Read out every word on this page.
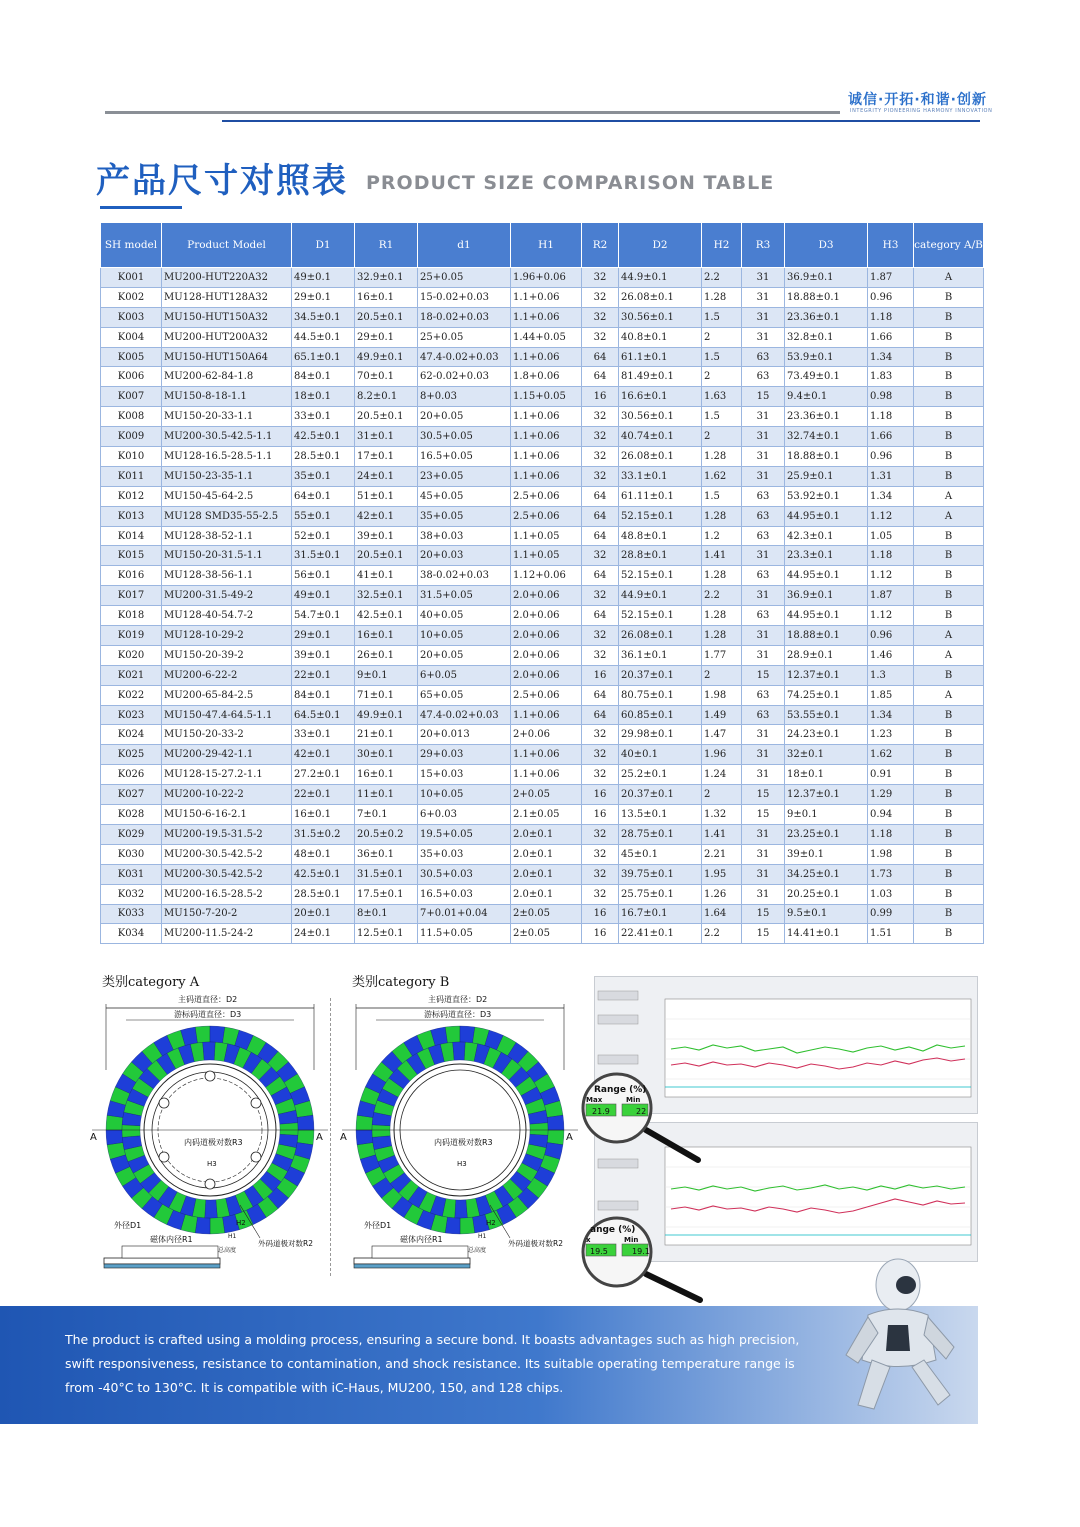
诚信·开拓·和谐·创新
INTEGRITY PIONEERING HARMONY INNOVATION
产品尺寸对照表 PRODUCT SIZE COMPARISON TABLE
SH model	Product Model	D1	R1	d1	H1	R2	D2	H2	R3	D3	H3	category A/B
K001	MU200-HUT220A32	49±0.1	32.9±0.1	25+0.05	1.96+0.06	32	44.9±0.1	2.2	31	36.9±0.1	1.87	A
K002	MU128-HUT128A32	29±0.1	16±0.1	15-0.02+0.03	1.1+0.06	32	26.08±0.1	1.28	31	18.88±0.1	0.96	B
K003	MU150-HUT150A32	34.5±0.1	20.5±0.1	18-0.02+0.03	1.1+0.06	32	30.56±0.1	1.5	31	23.36±0.1	1.18	B
K004	MU200-HUT200A32	44.5±0.1	29±0.1	25+0.05	1.44+0.05	32	40.8±0.1	2	31	32.8±0.1	1.66	B
K005	MU150-HUT150A64	65.1±0.1	49.9±0.1	47.4-0.02+0.03	1.1+0.06	64	61.1±0.1	1.5	63	53.9±0.1	1.34	B
K006	MU200-62-84-1.8	84±0.1	70±0.1	62-0.02+0.03	1.8+0.06	64	81.49±0.1	2	63	73.49±0.1	1.83	B
K007	MU150-8-18-1.1	18±0.1	8.2±0.1	8+0.03	1.15+0.05	16	16.6±0.1	1.63	15	9.4±0.1	0.98	B
K008	MU150-20-33-1.1	33±0.1	20.5±0.1	20+0.05	1.1+0.06	32	30.56±0.1	1.5	31	23.36±0.1	1.18	B
K009	MU200-30.5-42.5-1.1	42.5±0.1	31±0.1	30.5+0.05	1.1+0.06	32	40.74±0.1	2	31	32.74±0.1	1.66	B
K010	MU128-16.5-28.5-1.1	28.5±0.1	17±0.1	16.5+0.05	1.1+0.06	32	26.08±0.1	1.28	31	18.88±0.1	0.96	B
K011	MU150-23-35-1.1	35±0.1	24±0.1	23+0.05	1.1+0.06	32	33.1±0.1	1.62	31	25.9±0.1	1.31	B
K012	MU150-45-64-2.5	64±0.1	51±0.1	45+0.05	2.5+0.06	64	61.11±0.1	1.5	63	53.92±0.1	1.34	A
K013	MU128 SMD35-55-2.5	55±0.1	42±0.1	35+0.05	2.5+0.06	64	52.15±0.1	1.28	63	44.95±0.1	1.12	A
K014	MU128-38-52-1.1	52±0.1	39±0.1	38+0.03	1.1+0.05	64	48.8±0.1	1.2	63	42.3±0.1	1.05	B
K015	MU150-20-31.5-1.1	31.5±0.1	20.5±0.1	20+0.03	1.1+0.05	32	28.8±0.1	1.41	31	23.3±0.1	1.18	B
K016	MU128-38-56-1.1	56±0.1	41±0.1	38-0.02+0.03	1.12+0.06	64	52.15±0.1	1.28	63	44.95±0.1	1.12	B
K017	MU200-31.5-49-2	49±0.1	32.5±0.1	31.5+0.05	2.0+0.06	32	44.9±0.1	2.2	31	36.9±0.1	1.87	B
K018	MU128-40-54.7-2	54.7±0.1	42.5±0.1	40+0.05	2.0+0.06	64	52.15±0.1	1.28	63	44.95±0.1	1.12	B
K019	MU128-10-29-2	29±0.1	16±0.1	10+0.05	2.0+0.06	32	26.08±0.1	1.28	31	18.88±0.1	0.96	A
K020	MU150-20-39-2	39±0.1	26±0.1	20+0.05	2.0+0.06	32	36.1±0.1	1.77	31	28.9±0.1	1.46	A
K021	MU200-6-22-2	22±0.1	9±0.1	6+0.05	2.0+0.06	16	20.37±0.1	2	15	12.37±0.1	1.3	B
K022	MU200-65-84-2.5	84±0.1	71±0.1	65+0.05	2.5+0.06	64	80.75±0.1	1.98	63	74.25±0.1	1.85	A
K023	MU150-47.4-64.5-1.1	64.5±0.1	49.9±0.1	47.4-0.02+0.03	1.1+0.06	64	60.85±0.1	1.49	63	53.55±0.1	1.34	B
K024	MU150-20-33-2	33±0.1	21±0.1	20+0.013	2+0.06	32	29.98±0.1	1.47	31	24.23±0.1	1.23	B
K025	MU200-29-42-1.1	42±0.1	30±0.1	29+0.03	1.1+0.06	32	40±0.1	1.96	31	32±0.1	1.62	B
K026	MU128-15-27.2-1.1	27.2±0.1	16±0.1	15+0.03	1.1+0.06	32	25.2±0.1	1.24	31	18±0.1	0.91	B
K027	MU200-10-22-2	22±0.1	11±0.1	10+0.05	2+0.05	16	20.37±0.1	2	15	12.37±0.1	1.29	B
K028	MU150-6-16-2.1	16±0.1	7±0.1	6+0.03	2.1±0.05	16	13.5±0.1	1.32	15	9±0.1	0.94	B
K029	MU200-19.5-31.5-2	31.5±0.2	20.5±0.2	19.5+0.05	2.0±0.1	32	28.75±0.1	1.41	31	23.25±0.1	1.18	B
K030	MU200-30.5-42.5-2	48±0.1	36±0.1	35+0.03	2.0±0.1	32	45±0.1	2.21	31	39±0.1	1.98	B
K031	MU200-30.5-42.5-2	42.5±0.1	31.5±0.1	30.5+0.03	2.0±0.1	32	39.75±0.1	1.95	31	34.25±0.1	1.73	B
K032	MU200-16.5-28.5-2	28.5±0.1	17.5±0.1	16.5+0.03	2.0±0.1	32	25.75±0.1	1.26	31	20.25±0.1	1.03	B
K033	MU150-7-20-2	20±0.1	8±0.1	7+0.01+0.04	2±0.05	16	16.7±0.1	1.64	15	9.5±0.1	0.99	B
K034	MU200-11.5-24-2	24±0.1	12.5±0.1	11.5+0.05	2±0.05	16	22.41±0.1	2.2	15	14.41±0.1	1.51	B
类别category A	类别category B
主码道直径：D2
游标码道直径：D3
A	A
内码道极对数R3
H3
H2
外码道极对数R2
外径D1
磁体内径R1	H1
总高度
主码道直径：D2
游标码道直径：D3
A	A
内码道极对数R3
H3
H2
外码道极对数R2
外径D1
磁体内径R1	H1
总高度
Range (%)
Max	Min
21.9	22
ange (%)
x	Min
19.5	19.1
The product is crafted using a molding process, ensuring a secure bond. It boasts advantages such as high precision,
swift responsiveness, resistance to contamination, and shock resistance. Its suitable operating temperature range is
from -40°C to 130°C. It is compatible with iC-Haus, MU200, 150, and 128 chips.
